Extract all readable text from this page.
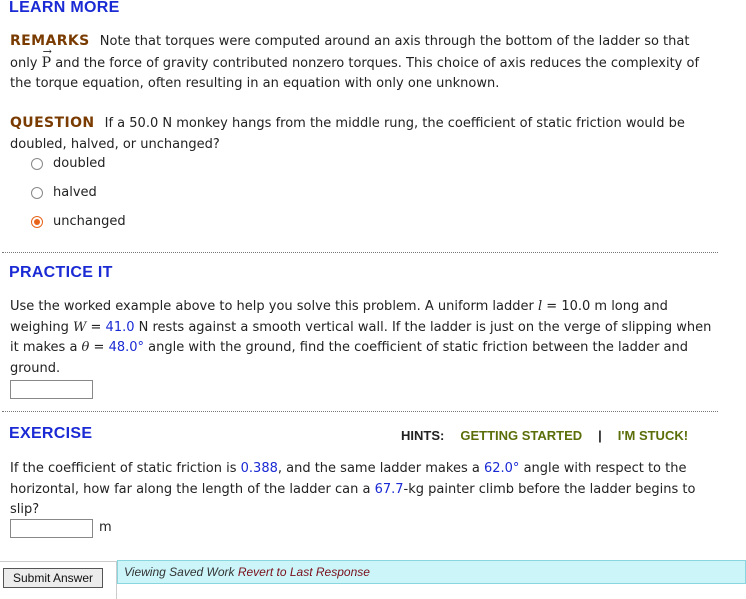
LEARN MORE
REMARKS Note that torques were computed around an axis through the bottom of the ladder so that only → P and the force of gravity contributed nonzero torques. This choice of axis reduces the complexity of the torque equation, often resulting in an equation with only one unknown.
QUESTION If a 50.0 N monkey hangs from the middle rung, the coefficient of static friction would be doubled, halved, or unchanged?
doubled
halved
unchanged
PRACTICE IT
Use the worked example above to help you solve this problem. A uniform ladder l = 10.0 m long and weighing W = 41.0 N rests against a smooth vertical wall. If the ladder is just on the verge of slipping when it makes a θ = 48.0° angle with the ground, find the coefficient of static friction between the ladder and ground.
EXERCISE	HINTS: GETTING STARTED | I'M STUCK!
If the coefficient of static friction is 0.388, and the same ladder makes a 62.0° angle with respect to the horizontal, how far along the length of the ladder can a 67.7-kg painter climb before the ladder begins to slip?
m
Submit Answer	Viewing Saved Work Revert to Last Response
